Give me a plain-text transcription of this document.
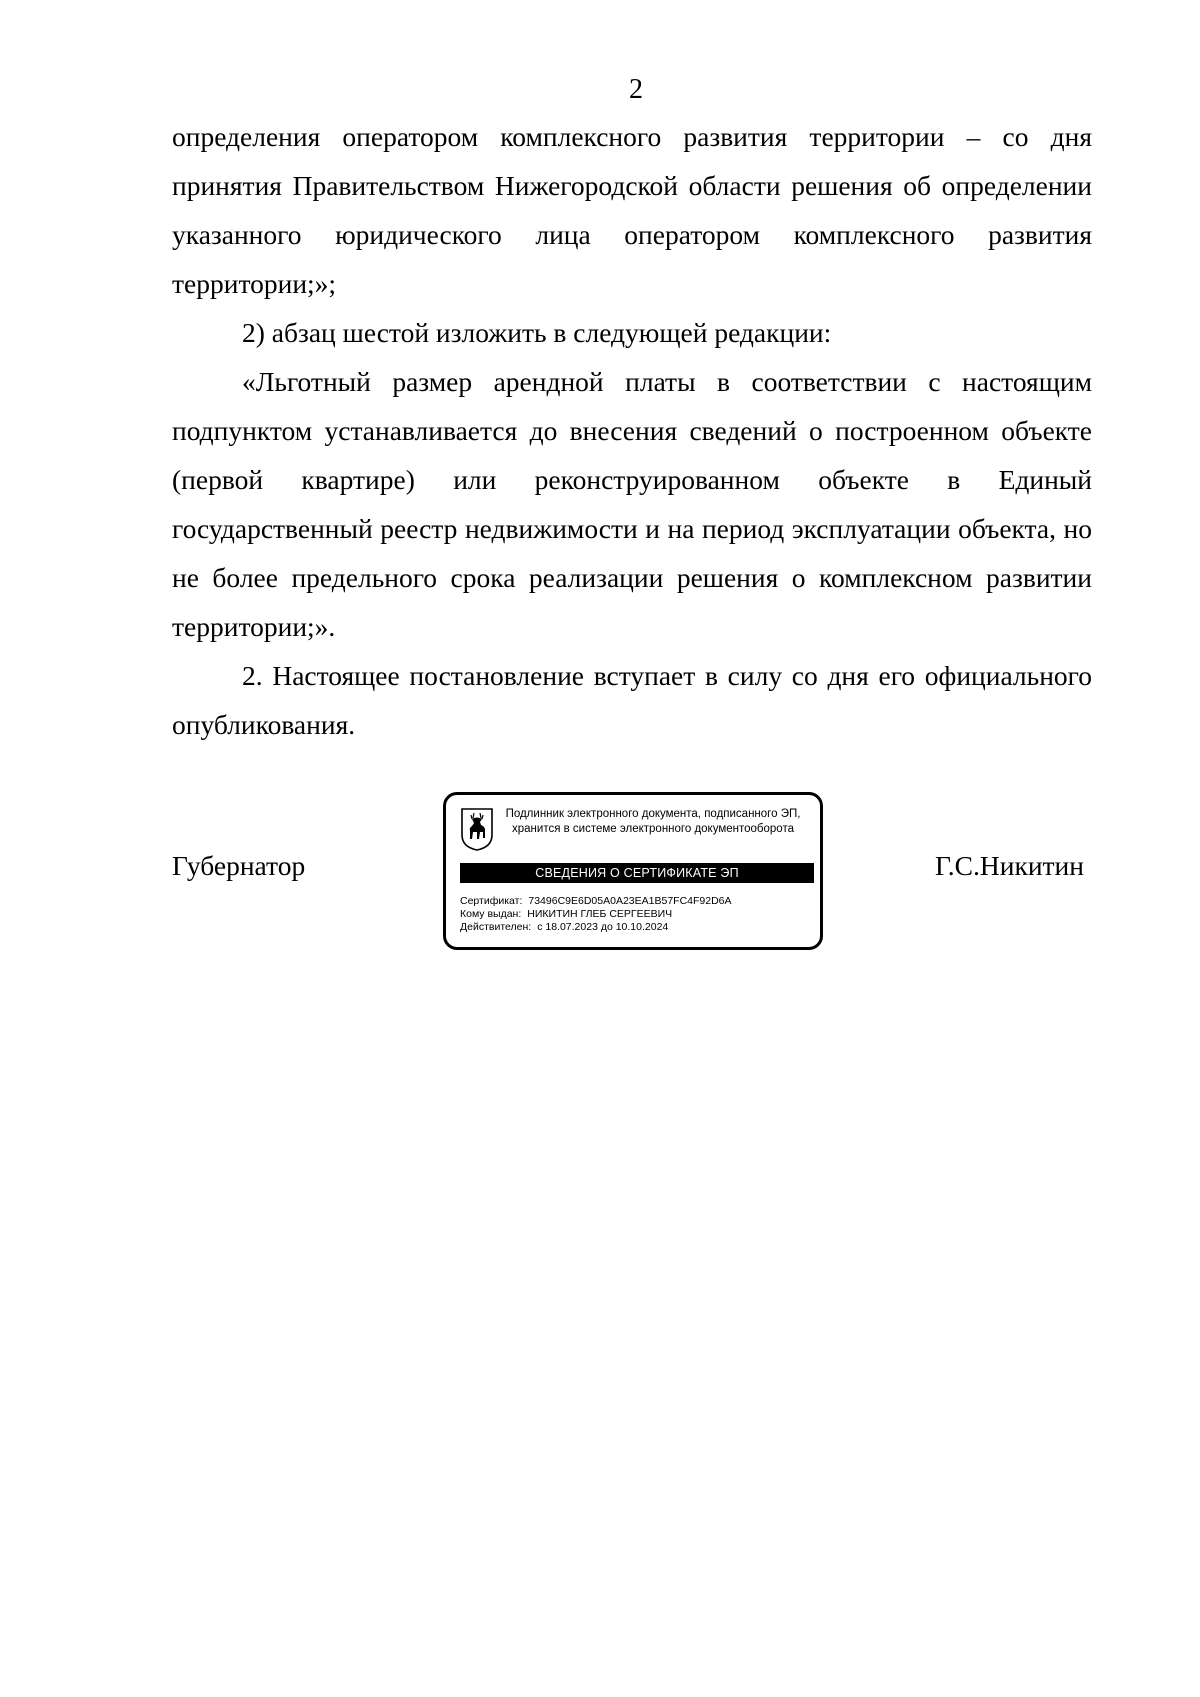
2

определения оператором комплексного развития территории – со дня принятия Правительством Нижегородской области решения об определении указанного юридического лица оператором комплексного развития территории;»;

2) абзац шестой изложить в следующей редакции:

«Льготный размер арендной платы в соответствии с настоящим подпунктом устанавливается до внесения сведений о построенном объекте (первой квартире) или реконструированном объекте в Единый государственный реестр недвижимости и на период эксплуатации объекта, но не более предельного срока реализации решения о комплексном развитии территории;».

2. Настоящее постановление вступает в силу со дня его официального опубликования.

Губернатор
Подлинник электронного документа, подписанного ЭП,
хранится в системе электронного документооборота
СВЕДЕНИЯ О СЕРТИФИКАТЕ ЭП
Сертификат: 73496C9E6D05A0A23EA1B57FC4F92D6A
Кому выдан: НИКИТИН ГЛЕБ СЕРГЕЕВИЧ
Действителен: с 18.07.2023 до 10.10.2024
Г.С.Никитин
